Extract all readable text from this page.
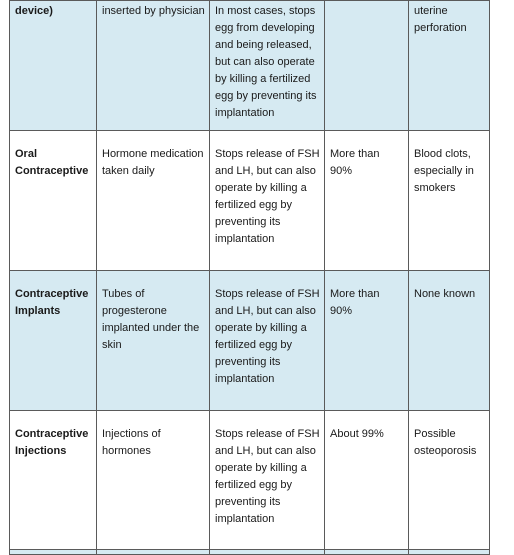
device)	inserted by physician	In most cases, stops egg from developing and being released, but can also operate by killing a fertilized egg by preventing its implantation		uterine perforation
Oral Contraceptive	Hormone medication taken daily	Stops release of FSH and LH, but can also operate by killing a fertilized egg by preventing its implantation	More than 90%	Blood clots, especially in smokers
Contraceptive Implants	Tubes of progesterone implanted under the skin	Stops release of FSH and LH, but can also operate by killing a fertilized egg by preventing its implantation	More than 90%	None known
Contraceptive Injections	Injections of hormones	Stops release of FSH and LH, but can also operate by killing a fertilized egg by preventing its implantation	About 99%	Possible osteoporosis
